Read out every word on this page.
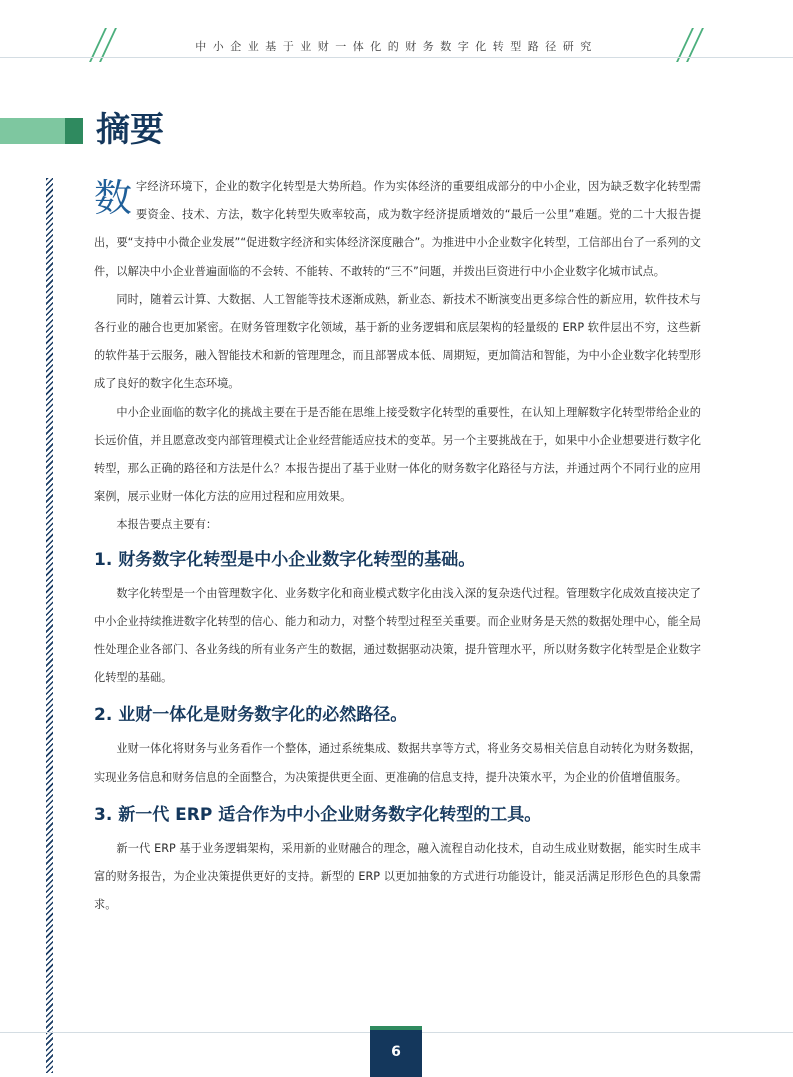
中小企业基于业财一体化的财务数字化转型路径研究
摘要

数字经济环境下，企业的数字化转型是大势所趋。作为实体经济的重要组成部分的中小企业，因为缺乏数字化转型需要资金、技术、方法，数字化转型失败率较高，成为数字经济提质增效的“最后一公里”难题。党的二十大报告提出，要“支持中小微企业发展”“促进数字经济和实体经济深度融合”。为推进中小企业数字化转型，工信部出台了一系列的文件，以解决中小企业普遍面临的不会转、不能转、不敢转的“三不”问题，并拨出巨资进行中小企业数字化城市试点。

同时，随着云计算、大数据、人工智能等技术逐渐成熟，新业态、新技术不断演变出更多综合性的新应用，软件技术与各行业的融合也更加紧密。在财务管理数字化领域，基于新的业务逻辑和底层架构的轻量级的 ERP 软件层出不穷，这些新的软件基于云服务，融入智能技术和新的管理理念，而且部署成本低、周期短，更加简洁和智能，为中小企业数字化转型形成了良好的数字化生态环境。

中小企业面临的数字化的挑战主要在于是否能在思维上接受数字化转型的重要性，在认知上理解数字化转型带给企业的长远价值，并且愿意改变内部管理模式让企业经营能适应技术的变革。另一个主要挑战在于，如果中小企业想要进行数字化转型，那么正确的路径和方法是什么？本报告提出了基于业财一体化的财务数字化路径与方法，并通过两个不同行业的应用案例，展示业财一体化方法的应用过程和应用效果。

本报告要点主要有：

1. 财务数字化转型是中小企业数字化转型的基础。

数字化转型是一个由管理数字化、业务数字化和商业模式数字化由浅入深的复杂迭代过程。管理数字化成效直接决定了中小企业持续推进数字化转型的信心、能力和动力，对整个转型过程至关重要。而企业财务是天然的数据处理中心，能全局性处理企业各部门、各业务线的所有业务产生的数据，通过数据驱动决策，提升管理水平，所以财务数字化转型是企业数字化转型的基础。

2. 业财一体化是财务数字化的必然路径。

业财一体化将财务与业务看作一个整体，通过系统集成、数据共享等方式，将业务交易相关信息自动转化为财务数据，实现业务信息和财务信息的全面整合，为决策提供更全面、更准确的信息支持，提升决策水平，为企业的价值增值服务。

3. 新一代 ERP 适合作为中小企业财务数字化转型的工具。

新一代 ERP 基于业务逻辑架构，采用新的业财融合的理念，融入流程自动化技术，自动生成业财数据，能实时生成丰富的财务报告，为企业决策提供更好的支持。新型的 ERP 以更加抽象的方式进行功能设计，能灵活满足形形色色的具象需求。

6
